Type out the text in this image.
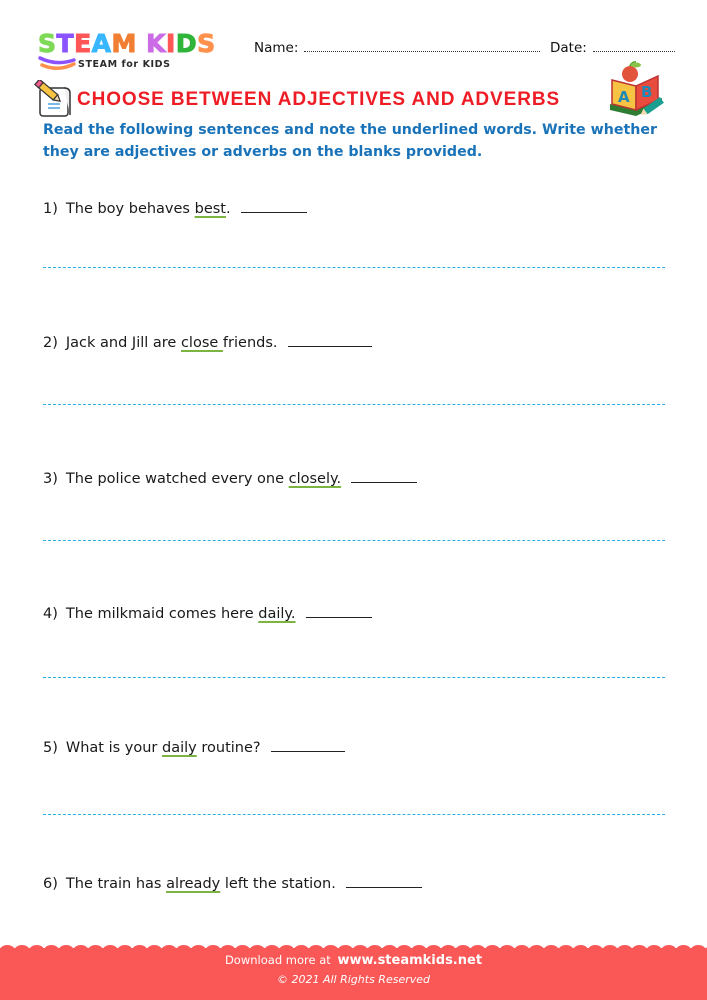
STEAM KIDS
STEAM for KIDS
Name:	Date:
CHOOSE BETWEEN ADJECTIVES AND ADVERBS	A B
Read the following sentences and note the underlined words. Write whether they are adjectives or adverbs on the blanks provided.
1) The boy behaves best.
2) Jack and Jill are close friends.
3) The police watched every one closely.
4) The milkmaid comes here daily.
5) What is your daily routine?
6) The train has already left the station.
Download more at www.steamkids.net
© 2021 All Rights Reserved
